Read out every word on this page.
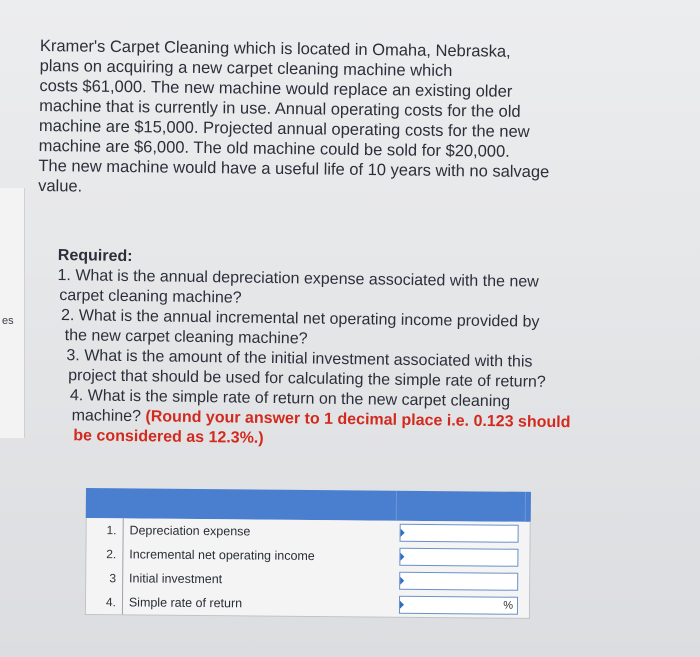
es
Kramer's Carpet Cleaning which is located in Omaha, Nebraska,
plans on acquiring a new carpet cleaning machine which
costs $61,000. The new machine would replace an existing older
machine that is currently in use. Annual operating costs for the old
machine are $15,000. Projected annual operating costs for the new
machine are $6,000. The old machine could be sold for $20,000.
The new machine would have a useful life of 10 years with no salvage
value.
Required:
1. What is the annual depreciation expense associated with the new
carpet cleaning machine?
2. What is the annual incremental net operating income provided by
the new carpet cleaning machine?
3. What is the amount of the initial investment associated with this
project that should be used for calculating the simple rate of return?
4. What is the simple rate of return on the new carpet cleaning
machine? (Round your answer to 1 decimal place i.e. 0.123 should
be considered as 12.3%.)
1.	Depreciation expense
2.	Incremental net operating income
3	Initial investment
4.	Simple rate of return	%
